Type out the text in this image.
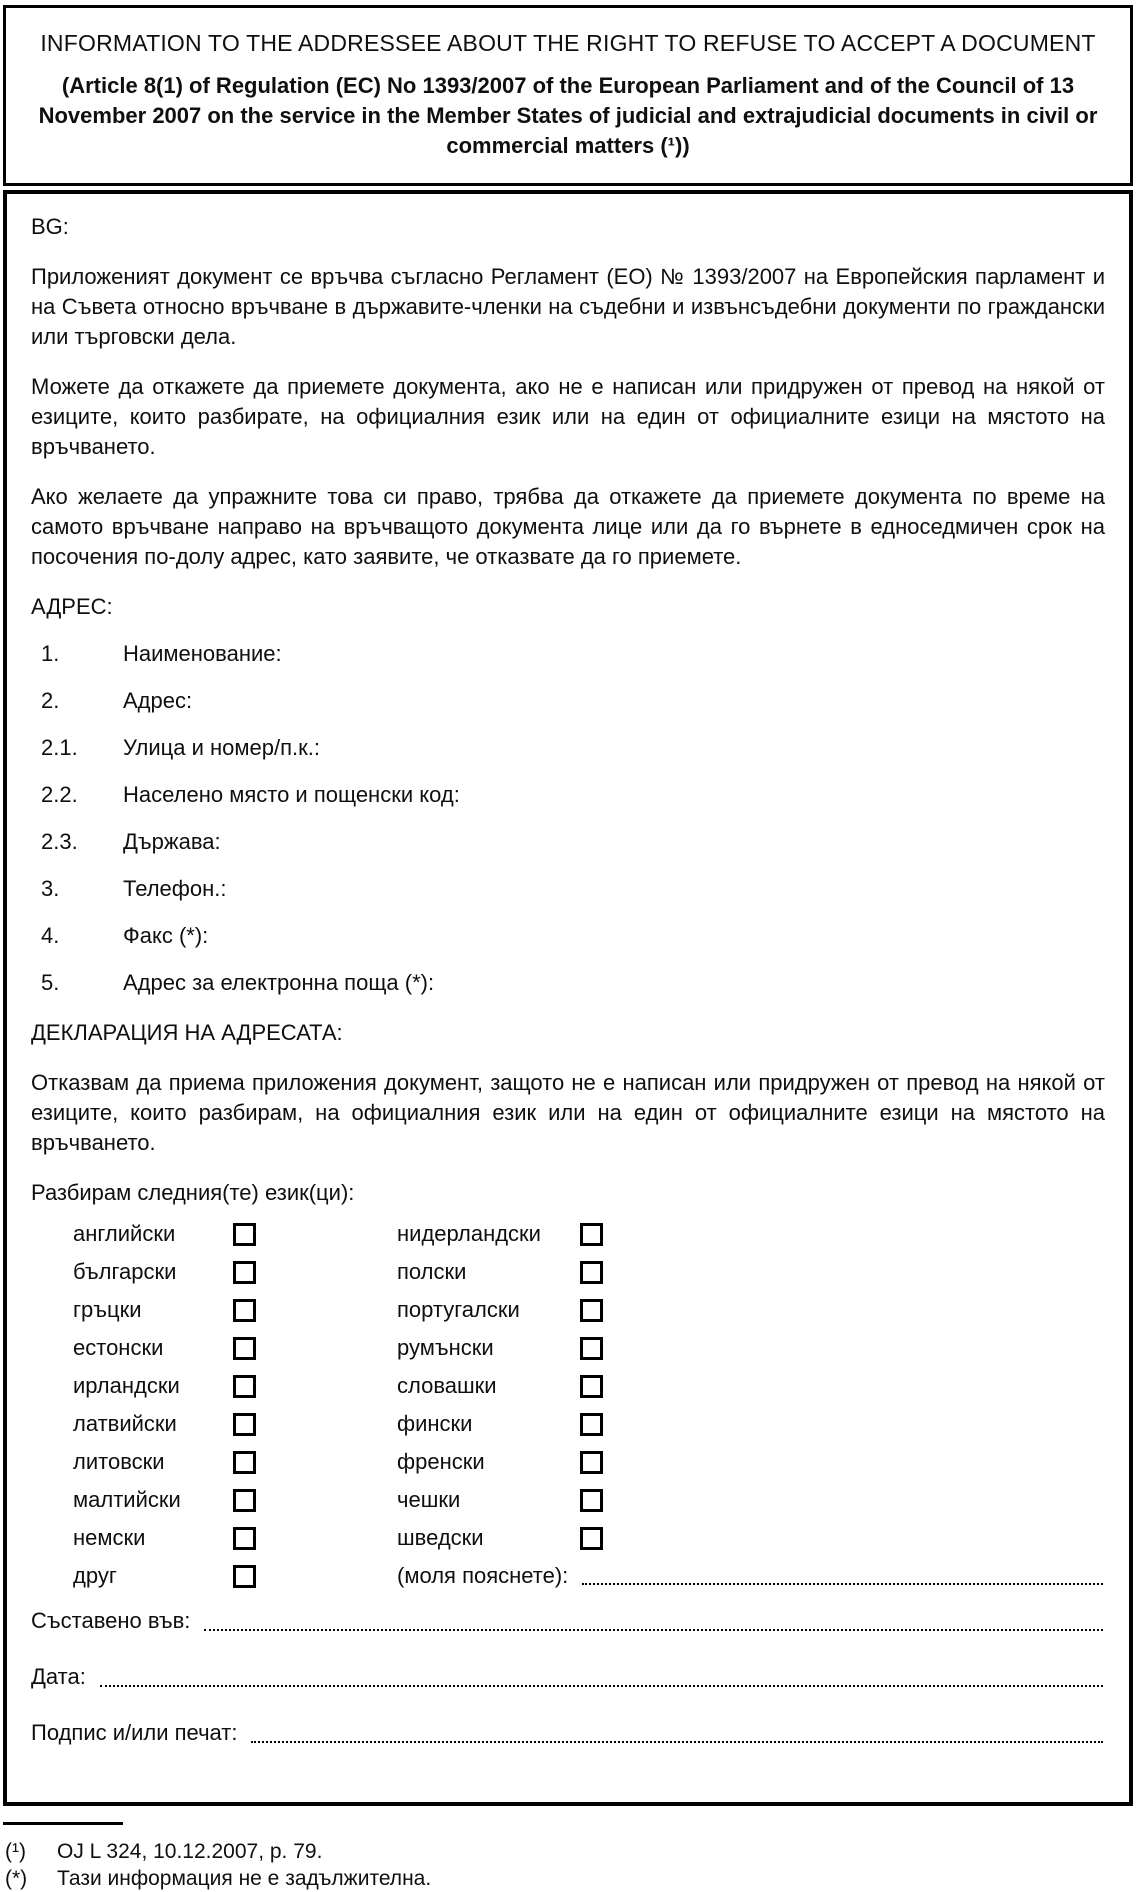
INFORMATION TO THE ADDRESSEE ABOUT THE RIGHT TO REFUSE TO ACCEPT A DOCUMENT
(Article 8(1) of Regulation (EC) No 1393/2007 of the European Parliament and of the Council of 13 November 2007 on the service in the Member States of judicial and extrajudicial documents in civil or commercial matters (¹))
BG:

Приложеният документ се връчва съгласно Регламент (ЕО) № 1393/2007 на Европейския парламент и на Съвета относно връчване в държавите-членки на съдебни и извънсъдебни документи по граждански или търговски дела.

Можете да откажете да приемете документа, ако не е написан или придружен от превод на някой от езиците, които разбирате, на официалния език или на един от официалните езици на мястото на връчването.

Ако желаете да упражните това си право, трябва да откажете да приемете документа по време на самото връчване направо на връчващото документа лице или да го върнете в едноседмичен срок на посочения по-долу адрес, като заявите, че отказвате да го приемете.

АДРЕС:
1.	Наименование:
2.	Адрес:
2.1.	Улица и номер/п.к.:
2.2.	Населено място и пощенски код:
2.3.	Държава:
3.	Телефон.:
4.	Факс (*):
5.	Адрес за електронна поща (*):
ДЕКЛАРАЦИЯ НА АДРЕСАТА:

Отказвам да приема приложения документ, защото не е написан или придружен от превод на някой от езиците, които разбирам, на официалния език или на един от официалните езици на мястото на връчването.

Разбирам следния(те) език(ци):

английски	нидерландски
български	полски
гръцки	португалски
естонски	румънски
ирландски	словашки
латвийски	фински
литовски	френски
малтийски	чешки
немски	шведски
друг	(моля пояснете):
Съставено във:
Дата:
Подпис и/или печат:
(¹)	OJ L 324, 10.12.2007, p. 79.
(*)	Тази информация не е задължителна.
